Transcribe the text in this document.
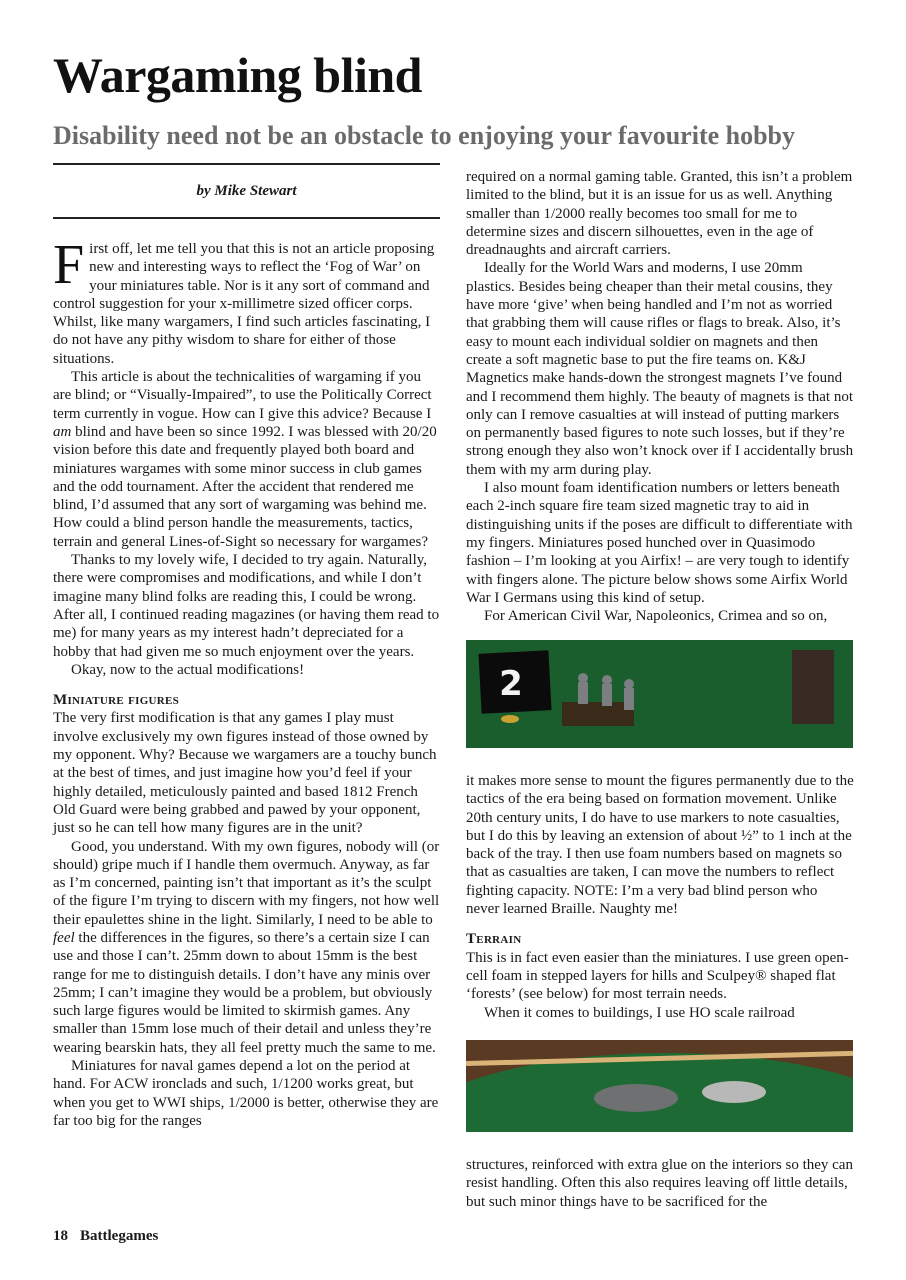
Wargaming blind
Disability need not be an obstacle to enjoying your favourite hobby
by Mike Stewart

First off, let me tell you that this is not an article proposing new and interesting ways to reflect the ‘Fog of War’ on your miniatures table. Nor is it any sort of command and control suggestion for your x-millimetre sized officer corps. Whilst, like many wargamers, I find such articles fascinating, I do not have any pithy wisdom to share for either of those situations.

This article is about the technicalities of wargaming if you are blind; or “Visually-Impaired”, to use the Politically Correct term currently in vogue. How can I give this advice? Because I am blind and have been so since 1992. I was blessed with 20/20 vision before this date and frequently played both board and miniatures wargames with some minor success in club games and the odd tournament. After the accident that rendered me blind, I’d assumed that any sort of wargaming was behind me. How could a blind person handle the measurements, tactics, terrain and general Lines-of-Sight so necessary for wargames?

Thanks to my lovely wife, I decided to try again. Naturally, there were compromises and modifications, and while I don’t imagine many blind folks are reading this, I could be wrong. After all, I continued reading magazines (or having them read to me) for many years as my interest hadn’t depreciated for a hobby that had given me so much enjoyment over the years.

Okay, now to the actual modifications!

Miniature figures

The very first modification is that any games I play must involve exclusively my own figures instead of those owned by my opponent. Why? Because we wargamers are a touchy bunch at the best of times, and just imagine how you’d feel if your highly detailed, meticulously painted and based 1812 French Old Guard were being grabbed and pawed by your opponent, just so he can tell how many figures are in the unit?

Good, you understand. With my own figures, nobody will (or should) gripe much if I handle them overmuch. Anyway, as far as I’m concerned, painting isn’t that important as it’s the sculpt of the figure I’m trying to discern with my fingers, not how well their epaulettes shine in the light. Similarly, I need to be able to feel the differences in the figures, so there’s a certain size I can use and those I can’t. 25mm down to about 15mm is the best range for me to distinguish details. I don’t have any minis over 25mm; I can’t imagine they would be a problem, but obviously such large figures would be limited to skirmish games. Any smaller than 15mm lose much of their detail and unless they’re wearing bearskin hats, they all feel pretty much the same to me.

Miniatures for naval games depend a lot on the period at hand. For ACW ironclads and such, 1/1200 works great, but when you get to WWI ships, 1/2000 is better, otherwise they are far too big for the ranges

required on a normal gaming table. Granted, this isn’t a problem limited to the blind, but it is an issue for us as well. Anything smaller than 1/2000 really becomes too small for me to determine sizes and discern silhouettes, even in the age of dreadnaughts and aircraft carriers.

Ideally for the World Wars and moderns, I use 20mm plastics. Besides being cheaper than their metal cousins, they have more ‘give’ when being handled and I’m not as worried that grabbing them will cause rifles or flags to break. Also, it’s easy to mount each individual soldier on magnets and then create a soft magnetic base to put the fire teams on. K&J Magnetics make hands-down the strongest magnets I’ve found and I recommend them highly. The beauty of magnets is that not only can I remove casualties at will instead of putting markers on permanently based figures to note such losses, but if they’re strong enough they also won’t knock over if I accidentally brush them with my arm during play.

I also mount foam identification numbers or letters beneath each 2-inch square fire team sized magnetic tray to aid in distinguishing units if the poses are difficult to differentiate with my fingers. Miniatures posed hunched over in Quasimodo fashion – I’m looking at you Airfix! – are very tough to identify with fingers alone. The picture below shows some Airfix World War I Germans using this kind of setup.

For American Civil War, Napoleonics, Crimea and so on,

2

it makes more sense to mount the figures permanently due to the tactics of the era being based on formation movement. Unlike 20th century units, I do have to use markers to note casualties, but I do this by leaving an extension of about ½” to 1 inch at the back of the tray. I then use foam numbers based on magnets so that as casualties are taken, I can move the numbers to reflect fighting capacity. NOTE: I’m a very bad blind person who never learned Braille. Naughty me!

Terrain

This is in fact even easier than the miniatures. I use green open-cell foam in stepped layers for hills and Sculpey® shaped flat ‘forests’ (see below) for most terrain needs.

When it comes to buildings, I use HO scale railroad

structures, reinforced with extra glue on the interiors so they can resist handling. Often this also requires leaving off little details, but such minor things have to be sacrificed for the

18 Battlegames
